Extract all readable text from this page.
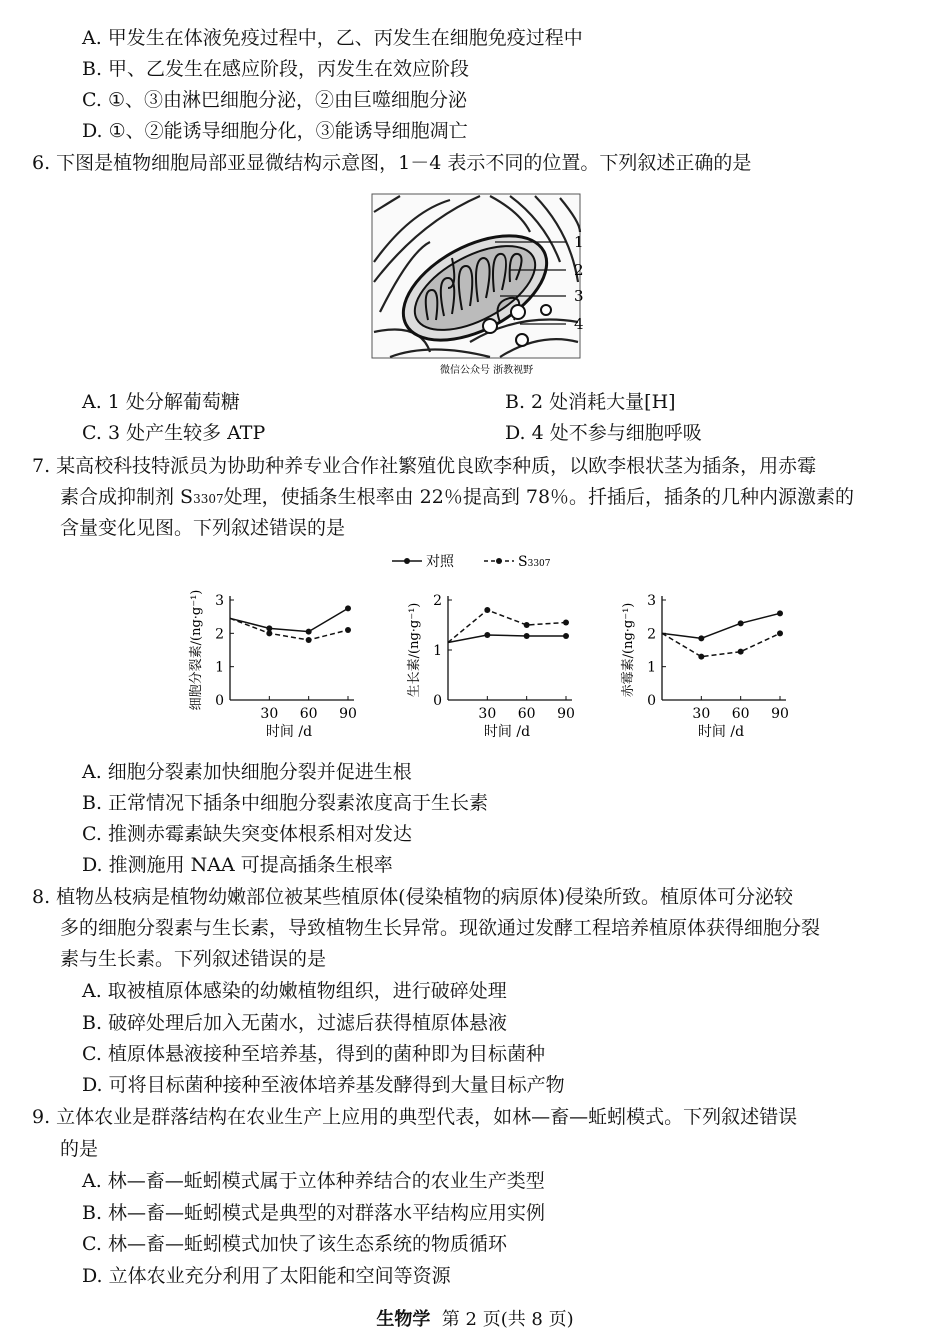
A. 甲发生在体液免疫过程中，乙、丙发生在细胞免疫过程中
B. 甲、乙发生在感应阶段，丙发生在效应阶段
C. ①、③由淋巴细胞分泌，②由巨噬细胞分泌
D. ①、②能诱导细胞分化，③能诱导细胞凋亡
6. 下图是植物细胞局部亚显微结构示意图，1－4 表示不同的位置。下列叙述正确的是
1
2
3
4
微信公众号 浙教视野
A. 1 处分解葡萄糖	B. 2 处消耗大量[H]
C. 3 处产生较多 ATP	D. 4 处不参与细胞呼吸
7. 某高校科技特派员为协助种养专业合作社繁殖优良欧李种质，以欧李根状茎为插条，用赤霉
素合成抑制剂 S3307处理，使插条生根率由 22％提高到 78％。扦插后，插条的几种内源激素的
含量变化见图。下列叙述错误的是
对照	S3307
0
1
2
3
30 60 90
时间 /d
细胞分裂素/(ng·g⁻¹)	0
1
2
30 60 90
时间 /d
生长素/(ng·g⁻¹)
0
1
2
3
30 60 90
时间 /d
赤霉素/(ng·g⁻¹)
A. 细胞分裂素加快细胞分裂并促进生根
B. 正常情况下插条中细胞分裂素浓度高于生长素
C. 推测赤霉素缺失突变体根系相对发达
D. 推测施用 NAA 可提高插条生根率
8. 植物丛枝病是植物幼嫩部位被某些植原体(侵染植物的病原体)侵染所致。植原体可分泌较
多的细胞分裂素与生长素，导致植物生长异常。现欲通过发酵工程培养植原体获得细胞分裂
素与生长素。下列叙述错误的是
A. 取被植原体感染的幼嫩植物组织，进行破碎处理
B. 破碎处理后加入无菌水，过滤后获得植原体悬液
C. 植原体悬液接种至培养基，得到的菌种即为目标菌种
D. 可将目标菌种接种至液体培养基发酵得到大量目标产物
9. 立体农业是群落结构在农业生产上应用的典型代表，如林—畜—蚯蚓模式。下列叙述错误
的是
A. 林—畜—蚯蚓模式属于立体种养结合的农业生产类型
B. 林—畜—蚯蚓模式是典型的对群落水平结构应用实例
C. 林—畜—蚯蚓模式加快了该生态系统的物质循环
D. 立体农业充分利用了太阳能和空间等资源
生物学 第 2 页(共 8 页)
